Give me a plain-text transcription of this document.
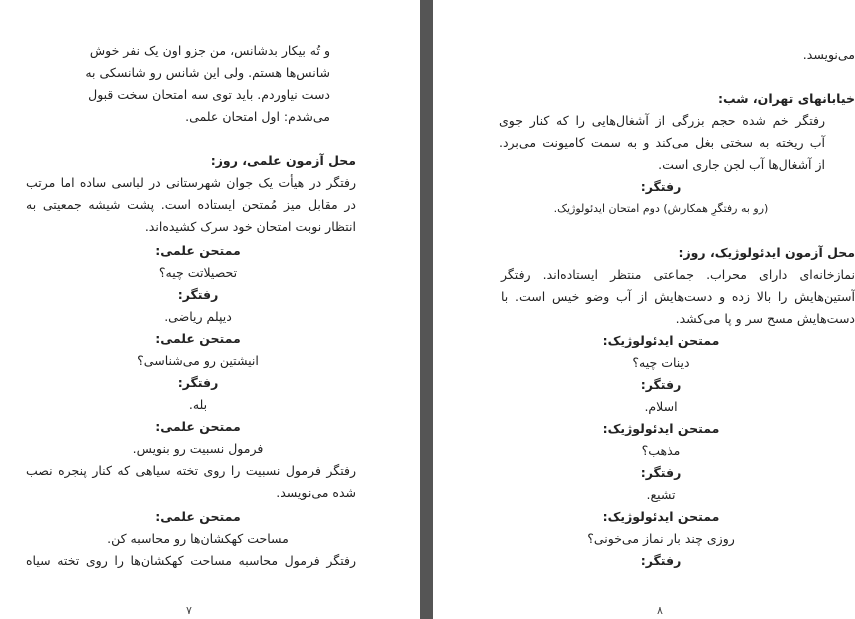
و تُه بیکار بدشانس، من جزو اون یک نفر خوش
شانس‌ها هستم. ولی این شانس رو شانسکی به
دست نیاوردم. باید توی سه امتحان سخت قبول
می‌شدم: اول امتحان علمی.
محل آزمون علمی، روز:
رفتگر در هیأت یک جوان شهرستانی در لباسی ساده اما مرتب
در مقابل میز مُمتحن ایستاده است. پشت شیشه جمعیتی به
انتظار نوبت امتحان خود سرک کشیده‌اند.
ممتحن علمی:
تحصیلاتت چیه؟
رفتگر:
دیپلم ریاضی.
ممتحن علمی:
انیشتین رو می‌شناسی؟
رفتگر:
بله.
ممتحن علمی:
فرمول نسبیت رو بنویس.
رفتگر فرمول نسبیت را روی تخته سیاهی که کنار پنجره نصب
شده می‌نویسد.
ممتحن علمی:
مساحت کهکشان‌ها رو محاسبه کن.
رفتگر فرمول محاسبه مساحت کهکشان‌ها را روی تخته سیاه
۷
می‌نویسد.
خیابانهای تهران، شب:
رفتگر خم شده حجم بزرگی از آشغال‌هایی را که کنار جوی
آب ریخته به سختی بغل می‌کند و به سمت کامیونت می‌برد.
از آشغال‌ها آب لجن جاری است.
رفتگر:
(رو به رفتگرِ همکارش) دوم امتحان ایدئولوژیک.
محل آزمون ایدئولوژیک، روز:
نمازخانه‌ای دارای محراب. جماعتی منتظر ایستاده‌اند. رفتگر
آستین‌هایش را بالا زده و دست‌هایش از آب وضو خیس است. با
دست‌هایش مسح سر و پا می‌کشد.
ممتحن ایدئولوژیک:
دینات چیه؟
رفتگر:
اسلام.
ممتحن ایدئولوژیک:
مذهب؟
رفتگر:
تشیع.
ممتحن ایدئولوژیک:
روزی چند بار نماز می‌خونی؟
رفتگر:
۸
